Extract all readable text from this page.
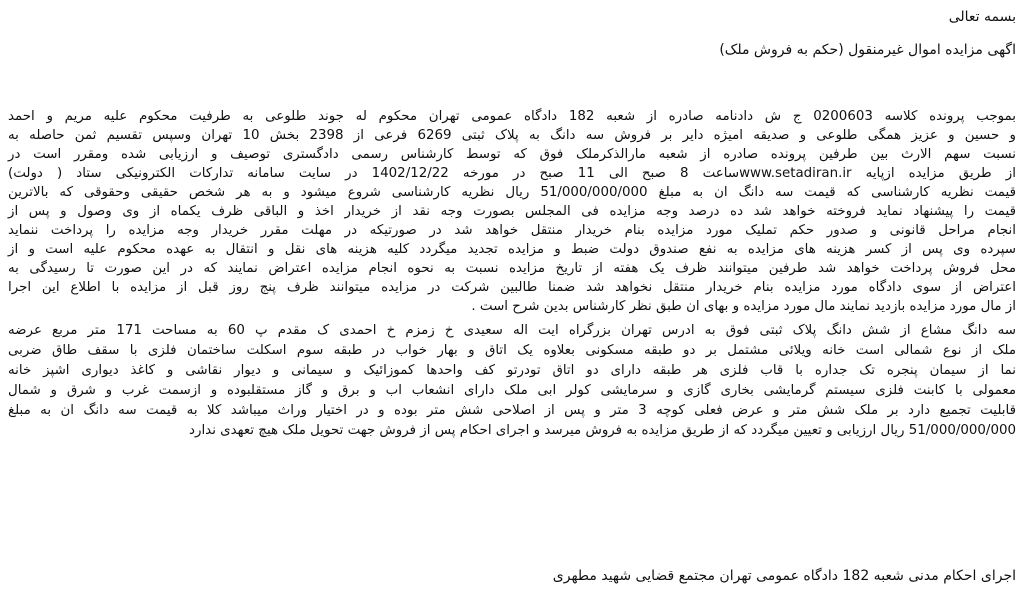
بسمه تعالی
اگهی مزایده اموال غیرمنقول (حکم به فروش ملک)
بموجب پرونده کلاسه 0200603 ج ش دادنامه صادره از شعبه 182 دادگاه عمومی تهران محکوم له جوند طلوعی به طرفیت محکوم علیه مریم و احمد
و حسین و عزیز همگی طلوعی و صدیقه امیژه دایر بر فروش سه دانگ به پلاک ثبتی 6269 فرعی از 2398 بخش 10 تهران وسپس تقسیم ثمن حاصله به
نسبت سهم الارث بین طرفین پرونده صادره از شعبه مارالذکرملک فوق که توسط کارشناس رسمی دادگستری توصیف و ارزیابی شده ومقرر است در
از طریق مزایده ازپایه www.setadiran.irساعت 8 صبح الی 11 صبح در مورخه 1402/12/22 در سایت سامانه تدارکات الکترونیکی ستاد ( دولت)
قیمت نظریه کارشناسی که قیمت سه دانگ ان به مبلغ 51/000/000/000 ریال نظریه کارشناسی شروع میشود و به هر شخص حقیقی وحقوقی که بالاترین
قیمت را پیشنهاد نماید فروخته خواهد شد ده درصد وجه مزایده فی المجلس بصورت وجه نقد از خریدار اخذ و الباقی ظرف یکماه از وی وصول و پس از
انجام مراحل قانونی و صدور حکم تملیک مورد مزایده بنام خریدار منتقل خواهد شد در صورتیکه در مهلت مقرر خریدار وجه مزایده را پرداخت ننماید
سپرده وی پس از کسر هزینه های مزایده به نفع صندوق دولت ضبط و مزایده تجدید میگردد کلیه هزینه های نقل و انتقال به عهده محکوم علیه است و از
محل فروش پرداخت خواهد شد طرفین میتوانند ظرف یک هفته از تاریخ مزایده نسبت به نحوه انجام مزایده اعتراض نمایند که در این صورت تا رسیدگی به
اعتراض از سوی دادگاه مورد مزایده بنام خریدار منتقل نخواهد شد ضمنا طالبین شرکت در مزایده میتوانند ظرف پنج روز قبل از مزایده با اطلاع این اجرا
از مال مورد مزایده بازدید نمایند مال مورد مزایده و بهای ان طبق نظر کارشناس بدین شرح است .
سه دانگ مشاع از شش دانگ پلاک ثبتی فوق به ادرس تهران بزرگراه ایت اله سعیدی خ زمزم خ احمدی ک مقدم پ 60 به مساحت 171 متر مربع عرضه
ملک از نوع شمالی است خانه ویلائی مشتمل بر دو طبقه مسکونی بعلاوه یک اتاق و بهار خواب در طبقه سوم اسکلت ساختمان فلزی با سقف طاق ضربی
نما از سیمان پنجره تک جداره با قاب فلزی هر طبقه دارای دو اتاق تودرتو کف واحدها کموزائیک و سیمانی و دیوار نقاشی و کاغذ دیواری اشپز خانه
معمولی با کابنت فلزی سیستم گرمایشی بخاری گازی و سرمایشی کولر ابی ملک دارای انشعاب اب و برق و گاز مستقلبوده و ازسمت غرب و شرق و شمال
قابلیت تجمیع دارد بر ملک شش متر و عرض فعلی کوچه 3 متر و پس از اصلاحی شش متر بوده و در اختیار وراث میباشد کلا به قیمت سه دانگ ان به مبلغ
51/000/000/000 ریال ارزیابی و تعیین میگردد که از طریق مزایده به فروش میرسد و اجرای احکام پس از فروش جهت تحویل ملک هیچ تعهدی ندارد
اجرای احکام مدنی شعبه 182 دادگاه عمومی تهران مجتمع قضایی شهید مطهری
